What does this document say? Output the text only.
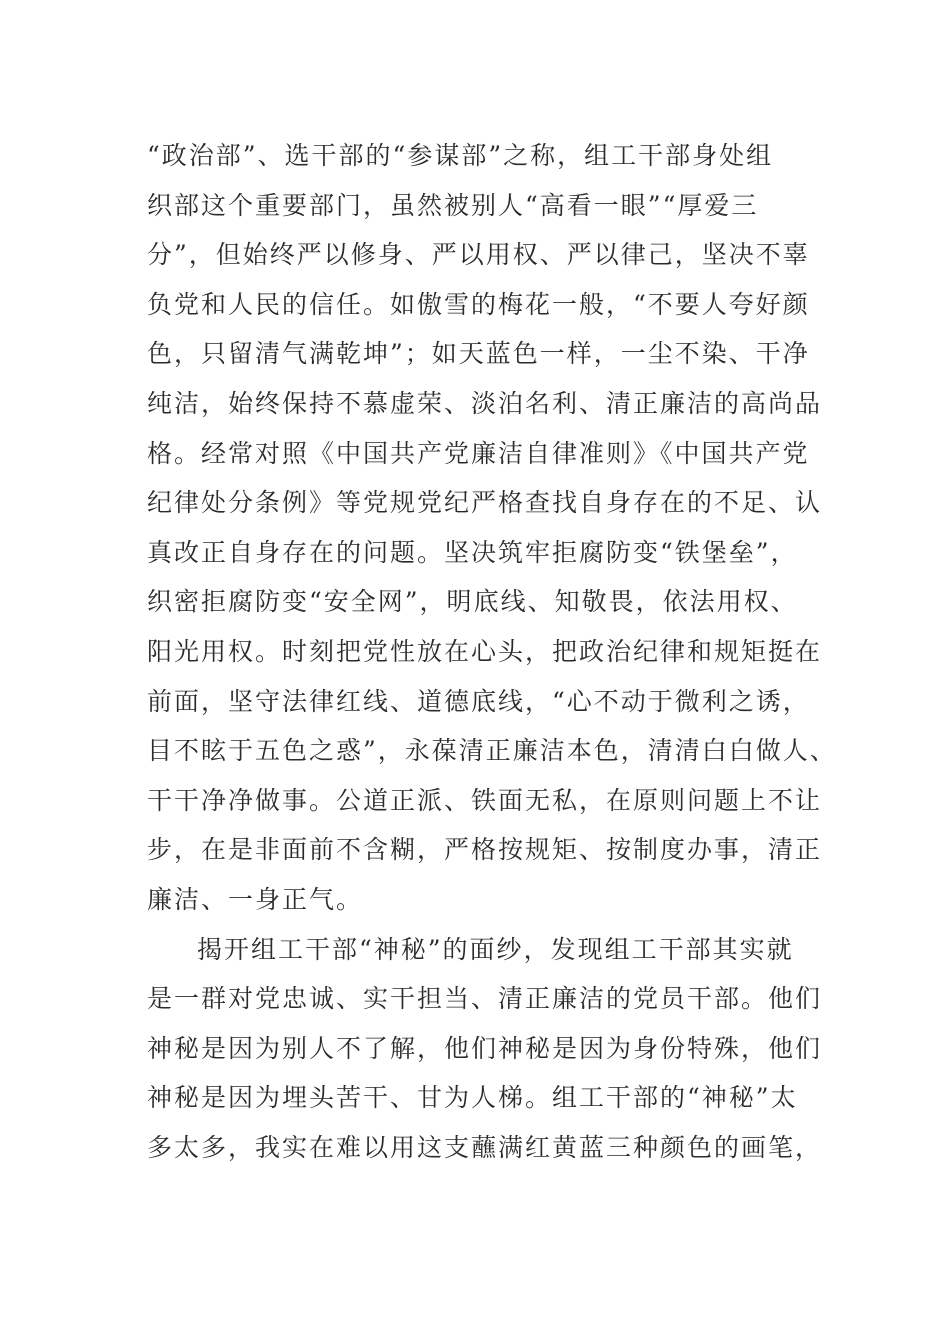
“政治部”、选干部的“参谋部”之称，组工干部身处组
织部这个重要部门，虽然被别人“高看一眼”“厚爱三
分”，但始终严以修身、严以用权、严以律己，坚决不辜
负党和人民的信任。如傲雪的梅花一般，“不要人夸好颜
色，只留清气满乾坤”；如天蓝色一样，一尘不染、干净
纯洁，始终保持不慕虚荣、淡泊名利、清正廉洁的高尚品
格。经常对照《中国共产党廉洁自律准则》《中国共产党
纪律处分条例》等党规党纪严格查找自身存在的不足、认
真改正自身存在的问题。坚决筑牢拒腐防变“铁堡垒”，
织密拒腐防变“安全网”，明底线、知敬畏，依法用权、
阳光用权。时刻把党性放在心头，把政治纪律和规矩挺在
前面，坚守法律红线、道德底线，“心不动于微利之诱，
目不眩于五色之惑”，永葆清正廉洁本色，清清白白做人、
干干净净做事。公道正派、铁面无私，在原则问题上不让
步，在是非面前不含糊，严格按规矩、按制度办事，清正
廉洁、一身正气。
揭开组工干部“神秘”的面纱，发现组工干部其实就
是一群对党忠诚、实干担当、清正廉洁的党员干部。他们
神秘是因为别人不了解，他们神秘是因为身份特殊，他们
神秘是因为埋头苦干、甘为人梯。组工干部的“神秘”太
多太多，我实在难以用这支蘸满红黄蓝三种颜色的画笔，
